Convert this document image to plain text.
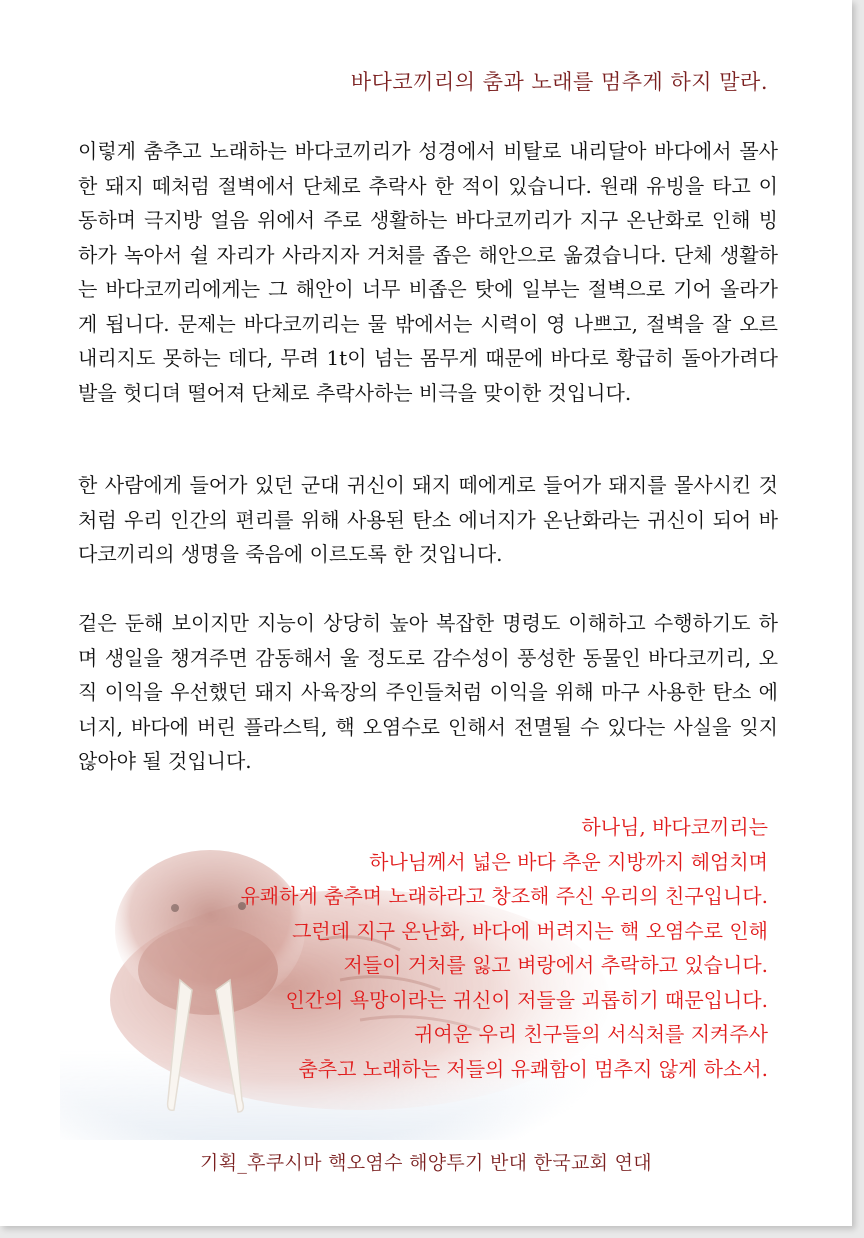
바다코끼리의 춤과 노래를 멈추게 하지 말라.
이렇게 춤추고 노래하는 바다코끼리가 성경에서 비탈로 내리달아 바다에서 몰사한 돼지 떼처럼 절벽에서 단체로 추락사 한 적이 있습니다. 원래 유빙을 타고 이동하며 극지방 얼음 위에서 주로 생활하는 바다코끼리가 지구 온난화로 인해 빙하가 녹아서 쉴 자리가 사라지자 거처를 좁은 해안으로 옮겼습니다. 단체 생활하는 바다코끼리에게는 그 해안이 너무 비좁은 탓에 일부는 절벽으로 기어 올라가게 됩니다. 문제는 바다코끼리는 물 밖에서는 시력이 영 나쁘고, 절벽을 잘 오르내리지도 못하는 데다, 무려 1t이 넘는 몸무게 때문에 바다로 황급히 돌아가려다 발을 헛디뎌 떨어져 단체로 추락사하는 비극을 맞이한 것입니다.
한 사람에게 들어가 있던 군대 귀신이 돼지 떼에게로 들어가 돼지를 몰사시킨 것처럼 우리 인간의 편리를 위해 사용된 탄소 에너지가 온난화라는 귀신이 되어 바다코끼리의 생명을 죽음에 이르도록 한 것입니다.
겉은 둔해 보이지만 지능이 상당히 높아 복잡한 명령도 이해하고 수행하기도 하며 생일을 챙겨주면 감동해서 울 정도로 감수성이 풍성한 동물인 바다코끼리, 오직 이익을 우선했던 돼지 사육장의 주인들처럼 이익을 위해 마구 사용한 탄소 에너지, 바다에 버린 플라스틱, 핵 오염수로 인해서 전멸될 수 있다는 사실을 잊지 않아야 될 것입니다.
하나님, 바다코끼리는
하나님께서 넓은 바다 추운 지방까지 헤엄치며
유쾌하게 춤추며 노래하라고 창조해 주신 우리의 친구입니다.
그런데 지구 온난화, 바다에 버려지는 핵 오염수로 인해
저들이 거처를 잃고 벼랑에서 추락하고 있습니다.
인간의 욕망이라는 귀신이 저들을 괴롭히기 때문입니다.
귀여운 우리 친구들의 서식처를 지켜주사
춤추고 노래하는 저들의 유쾌함이 멈추지 않게 하소서.
기획_후쿠시마 핵오염수 해양투기 반대 한국교회 연대
